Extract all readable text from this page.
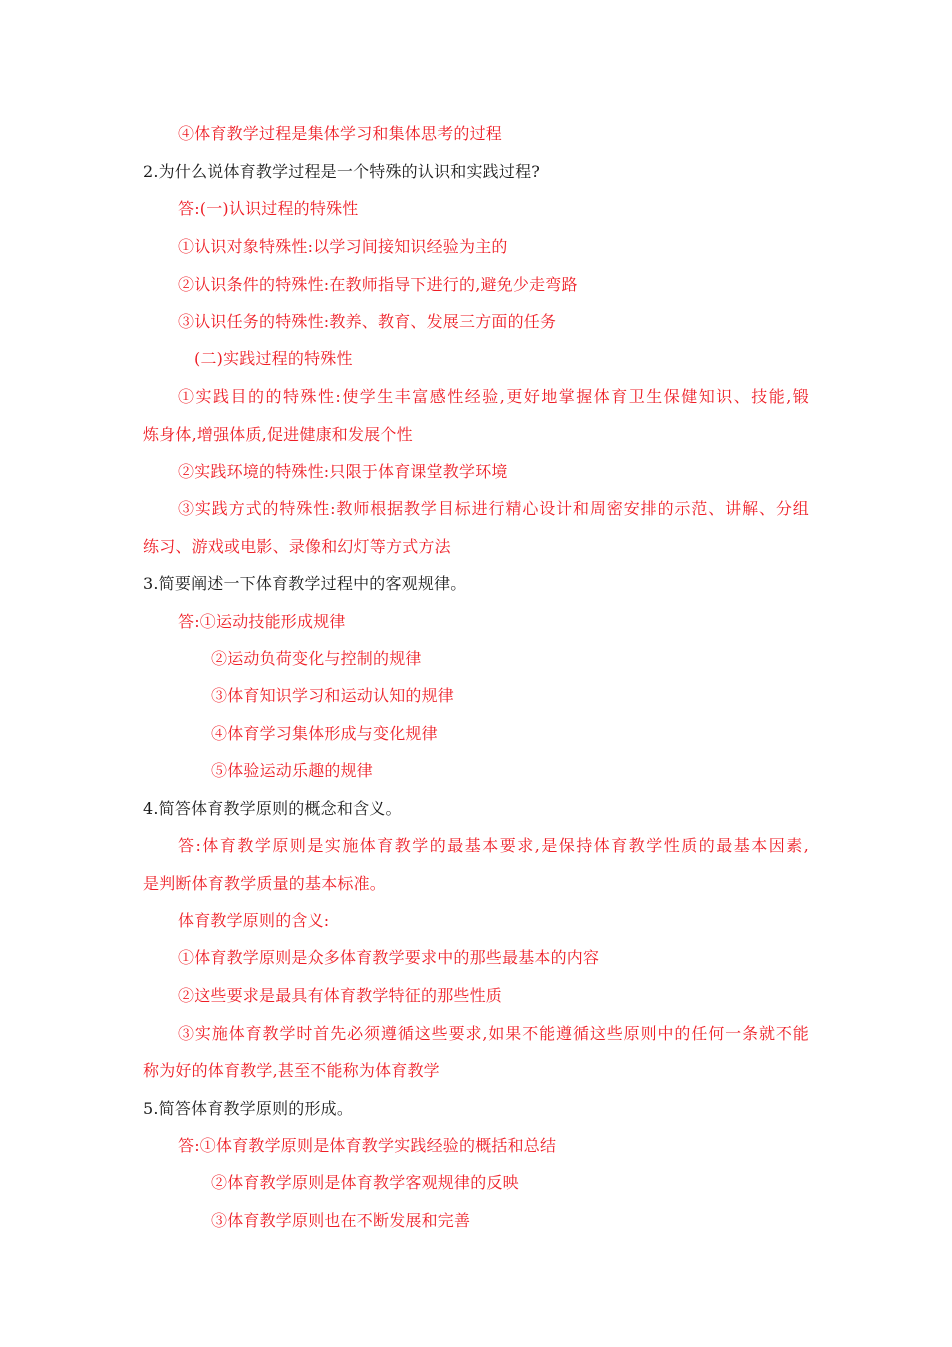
④体育教学过程是集体学习和集体思考的过程
2.为什么说体育教学过程是一个特殊的认识和实践过程?
答:(一)认识过程的特殊性
①认识对象特殊性:以学习间接知识经验为主的
②认识条件的特殊性:在教师指导下进行的,避免少走弯路
③认识任务的特殊性:教养、教育、发展三方面的任务
(二)实践过程的特殊性
①实践目的的特殊性:使学生丰富感性经验,更好地掌握体育卫生保健知识、技能,锻
炼身体,增强体质,促进健康和发展个性
②实践环境的特殊性:只限于体育课堂教学环境
③实践方式的特殊性:教师根据教学目标进行精心设计和周密安排的示范、讲解、分组
练习、游戏或电影、录像和幻灯等方式方法
3.简要阐述一下体育教学过程中的客观规律。
答:①运动技能形成规律
②运动负荷变化与控制的规律
③体育知识学习和运动认知的规律
④体育学习集体形成与变化规律
⑤体验运动乐趣的规律
4.简答体育教学原则的概念和含义。
答:体育教学原则是实施体育教学的最基本要求,是保持体育教学性质的最基本因素,
是判断体育教学质量的基本标准。
体育教学原则的含义:
①体育教学原则是众多体育教学要求中的那些最基本的内容
②这些要求是最具有体育教学特征的那些性质
③实施体育教学时首先必须遵循这些要求,如果不能遵循这些原则中的任何一条就不能
称为好的体育教学,甚至不能称为体育教学
5.简答体育教学原则的形成。
答:①体育教学原则是体育教学实践经验的概括和总结
②体育教学原则是体育教学客观规律的反映
③体育教学原则也在不断发展和完善
